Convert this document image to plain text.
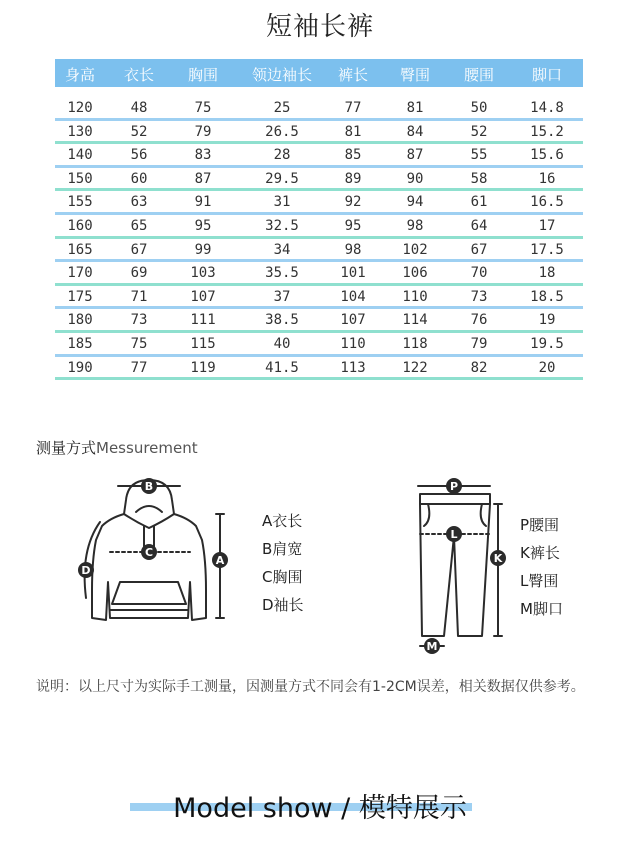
短袖长裤
身高 衣长 胸围 领边袖长 裤长 臀围 腰围	脚口
120	48	75	25	77	81	50	14.8
130	52	79	26.5	81	84	52	15.2
140	56	83	28	85	87	55	15.6
150	60	87	29.5	89	90	58	16
155	63	91	31	92	94	61	16.5
160	65	95	32.5	95	98	64	17
165	67	99	34	98	102	67	17.5
170	69	103	35.5	101	106	70	18
175	71	107	37	104	110	73	18.5
180	73	111	38.5	107	114	76	19
185	75	115	40	110	118	79	19.5
190	77	119	41.5	113	122	82	20
测量方式Messurement
B
C
D
A
A衣长
B肩宽
C胸围
D袖长
P
L
K
M
P腰围
K裤长
L臀围
M脚口
说明：以上尺寸为实际手工测量，因测量方式不同会有1-2CM误差，相关数据仅供参考。
Model show / 模特展示
